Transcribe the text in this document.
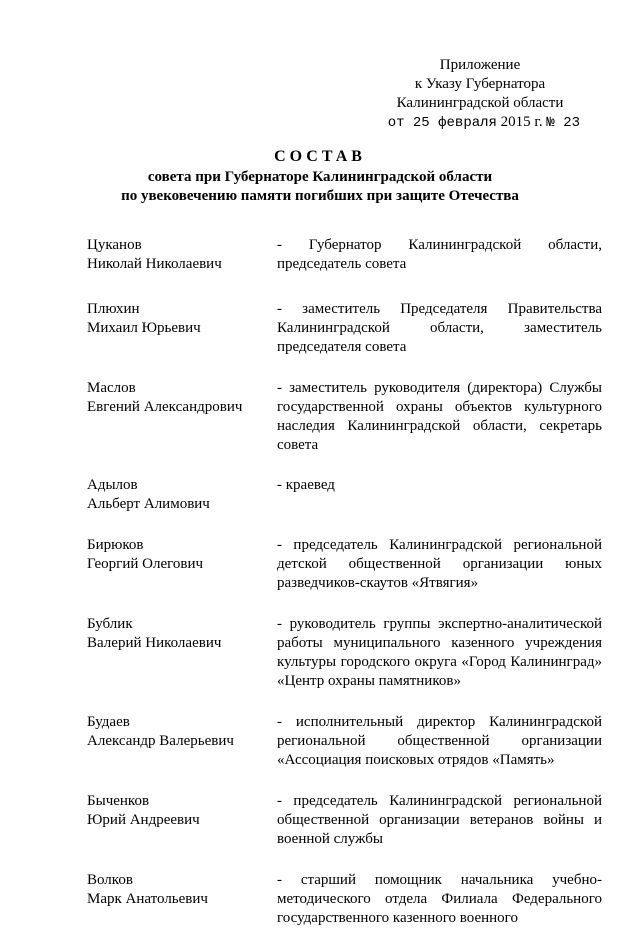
Приложение
к Указу Губернатора
Калининградской области
от 25 февраля 2015 г. № 23
СОСТАВ
совета при Губернаторе Калининградской области
по увековечению памяти погибших при защите Отечества
Цуканов
Николай Николаевич
- Губернатор Калининградской области, председатель совета
Плюхин
Михаил Юрьевич
- заместитель Председателя Правительства Калининградской области, заместитель председателя совета
Маслов
Евгений Александрович
- заместитель руководителя (директора) Службы государственной охраны объектов культурного наследия Калининградской области, секретарь совета
Адылов
Альберт Алимович
- краевед
Бирюков
Георгий Олегович
- председатель Калининградской региональной детской общественной организации юных разведчиков-скаутов «Ятвягия»
Бублик
Валерий Николаевич
- руководитель группы экспертно-аналитической работы муниципального казенного учреждения культуры городского округа «Город Калининград» «Центр охраны памятников»
Будаев
Александр Валерьевич
- исполнительный директор Калининградской региональной общественной организации «Ассоциация поисковых отрядов «Память»
Быченков
Юрий Андреевич
- председатель Калининградской региональной общественной организации ветеранов войны и военной службы
Волков
Марк Анатольевич
- старший помощник начальника учебно-методического отдела Филиала Федерального государственного казенного военного
